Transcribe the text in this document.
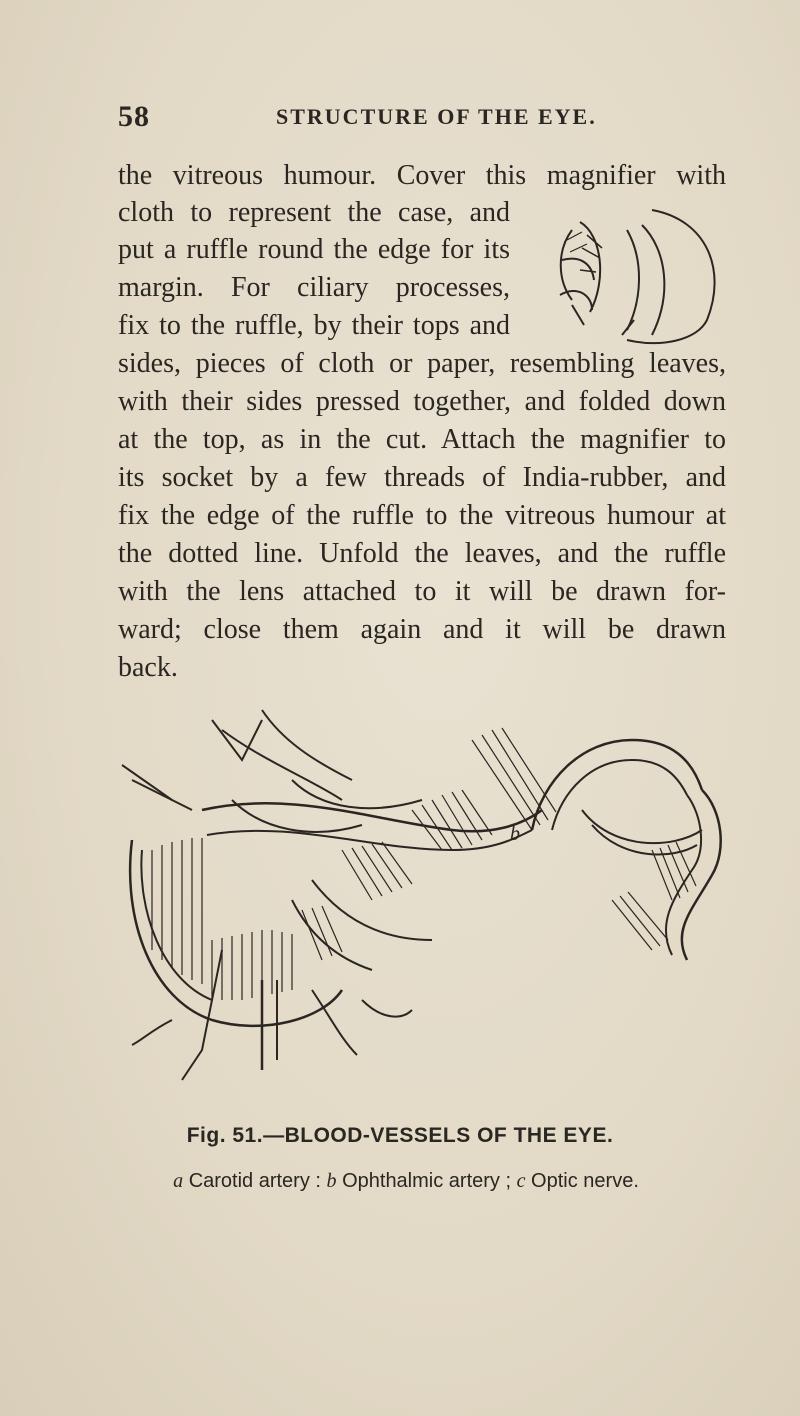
58	STRUCTURE OF THE EYE.
the vitreous humour. Cover this magnifier with
cloth to represent the case, and
put a ruffle round the edge for its
margin. For ciliary processes,
fix to the ruffle, by their tops and
sides, pieces of cloth or paper, resembling leaves,
with their sides pressed together, and folded down
at the top, as in the cut. Attach the magnifier to
its socket by a few threads of India-rubber, and
fix the edge of the ruffle to the vitreous humour at
the dotted line. Unfold the leaves, and the ruffle
with the lens attached to it will be drawn for-
ward; close them again and it will be drawn
back.
b
Fig. 51.—BLOOD-VESSELS OF THE EYE.
a Carotid artery : b Ophthalmic artery ; c Optic nerve.
